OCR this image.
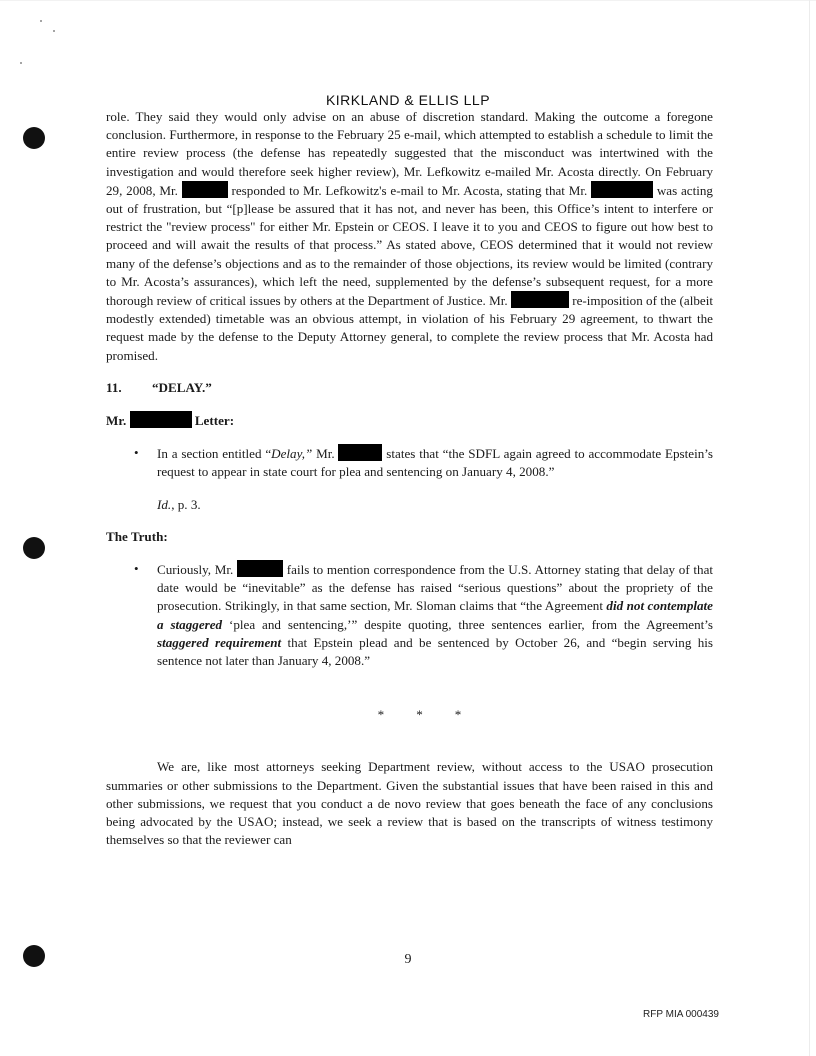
KIRKLAND & ELLIS LLP
role. They said they would only advise on an abuse of discretion standard. Making the outcome a foregone conclusion. Furthermore, in response to the February 25 e-mail, which attempted to establish a schedule to limit the entire review process (the defense has repeatedly suggested that the misconduct was intertwined with the investigation and would therefore seek higher review), Mr. Lefkowitz e-mailed Mr. Acosta directly. On February 29, 2008, Mr.	responded to Mr. Lefkowitz's e-mail to Mr. Acosta, stating that Mr.	was acting out of frustration, but “[p]lease be assured that it has not, and never has been, this Office’s intent to interfere or restrict the "review process" for either Mr. Epstein or CEOS. I leave it to you and CEOS to figure out how best to proceed and will await the results of that process.” As stated above, CEOS determined that it would not review many of the defense’s objections and as to the remainder of those objections, its review would be limited (contrary to Mr. Acosta’s assurances), which left the need, supplemented by the defense’s subsequent request, for a more thorough review of critical issues by others at the Department of Justice. Mr.	re-imposition of the (albeit modestly extended) timetable was an obvious attempt, in violation of his February 29 agreement, to thwart the request made by the defense to the Deputy Attorney general, to complete the review process that Mr. Acosta had promised.
11. “DELAY.”
Mr.	Letter:
• In a section entitled “Delay,” Mr.	states that “the SDFL again agreed to accommodate Epstein’s request to appear in state court for plea and sentencing on January 4, 2008.”
Id., p. 3.
The Truth:
• Curiously, Mr.	fails to mention correspondence from the U.S. Attorney stating that delay of that date would be “inevitable” as the defense has raised “serious questions” about the propriety of the prosecution. Strikingly, in that same section, Mr. Sloman claims that “the Agreement did not contemplate a staggered ‘plea and sentencing,’” despite quoting, three sentences earlier, from the Agreement’s staggered requirement that Epstein plead and be sentenced by October 26, and “begin serving his sentence not later than January 4, 2008.”
* * *
We are, like most attorneys seeking Department review, without access to the USAO prosecution summaries or other submissions to the Department. Given the substantial issues that have been raised in this and other submissions, we request that you conduct a de novo review that goes beneath the face of any conclusions being advocated by the USAO; instead, we seek a review that is based on the transcripts of witness testimony themselves so that the reviewer can
9
RFP MIA 000439
